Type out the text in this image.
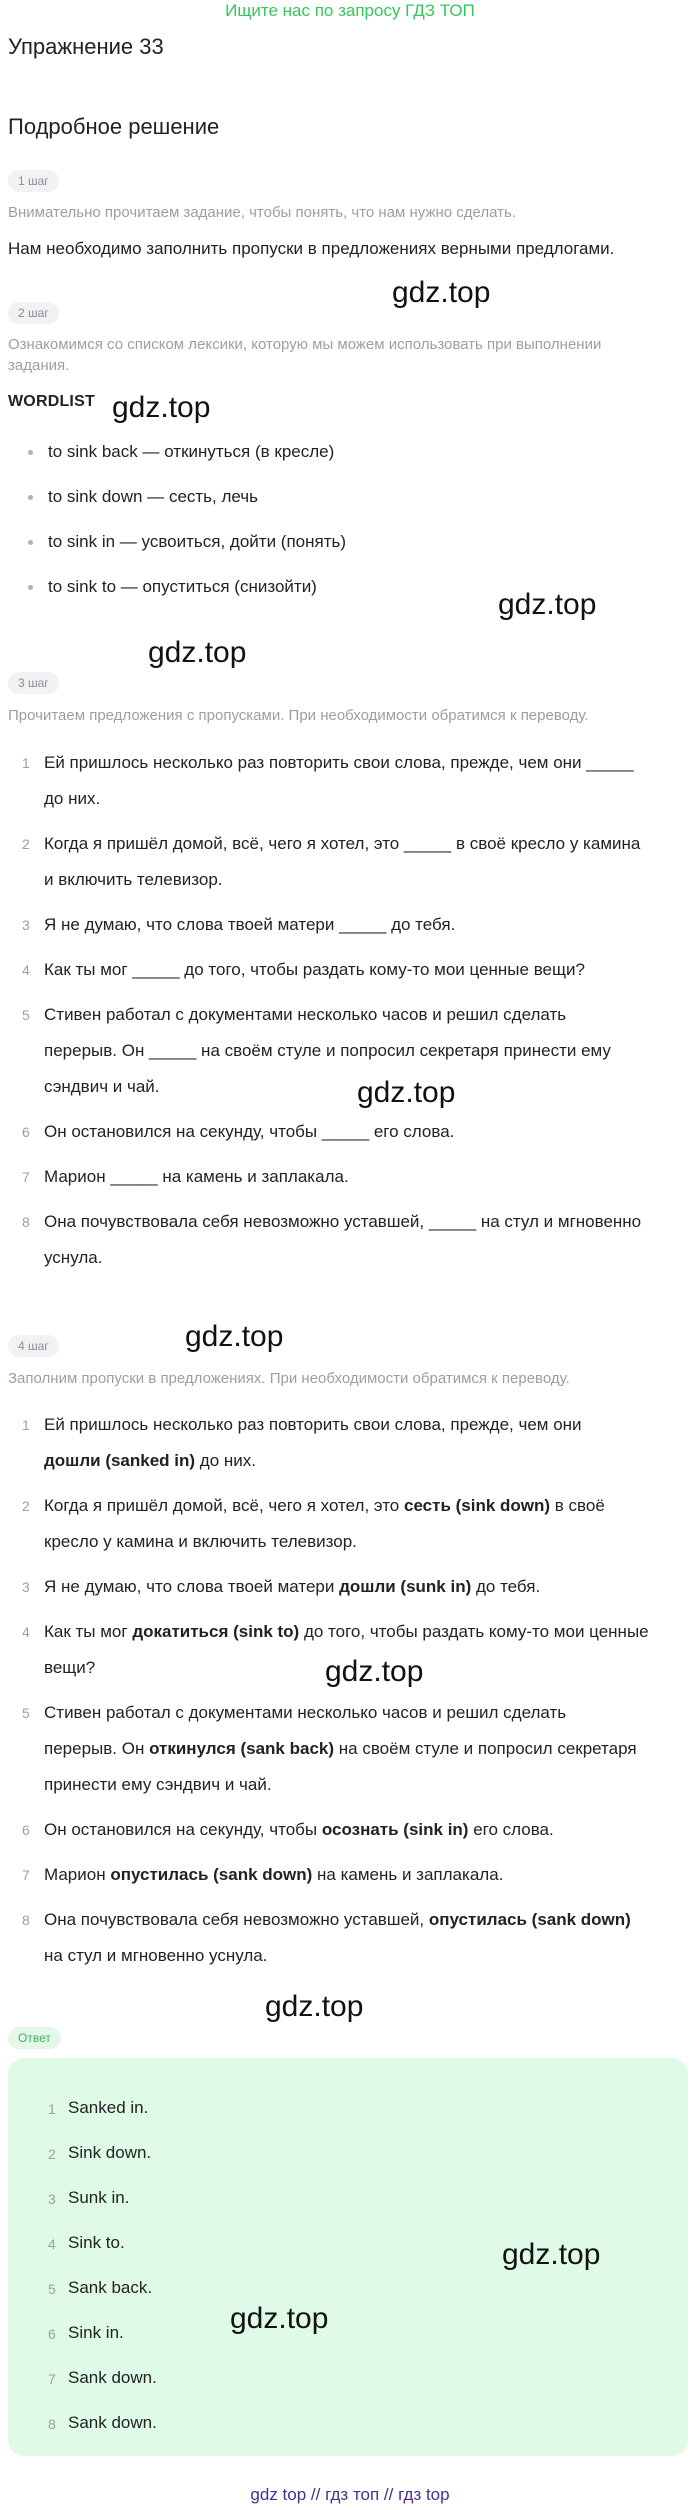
Ищите нас по запросу ГДЗ ТОП
Упражнение 33
Подробное решение
1 шаг
Внимательно прочитаем задание, чтобы понять, что нам нужно сделать.
Нам необходимо заполнить пропуски в предложениях верными предлогами.
2 шаг
Ознакомимся со списком лексики, которую мы можем использовать при выполнении
задания.
WORDLIST
to sink back — откинуться (в кресле)
to sink down — сесть, лечь
to sink in — усвоиться, дойти (понять)
to sink to — опуститься (снизойти)
3 шаг
Прочитаем предложения с пропусками. При необходимости обратимся к переводу.
1 Ей пришлось несколько раз повторить свои слова, прежде, чем они _____
до них.
2 Когда я пришёл домой, всё, чего я хотел, это _____ в своё кресло у камина
и включить телевизор.
3 Я не думаю, что слова твоей матери _____ до тебя.
4 Как ты мог _____ до того, чтобы раздать кому-то мои ценные вещи?
5 Стивен работал с документами несколько часов и решил сделать
перерыв. Он _____ на своём стуле и попросил секретаря принести ему
сэндвич и чай.
6 Он остановился на секунду, чтобы _____ его слова.
7 Марион _____ на камень и заплакала.
8 Она почувствовала себя невозможно уставшей, _____ на стул и мгновенно
уснула.
4 шаг
Заполним пропуски в предложениях. При необходимости обратимся к переводу.
1 Ей пришлось несколько раз повторить свои слова, прежде, чем они
дошли (sanked in) до них.
2 Когда я пришёл домой, всё, чего я хотел, это сесть (sink down) в своё
кресло у камина и включить телевизор.
3 Я не думаю, что слова твоей матери дошли (sunk in) до тебя.
4 Как ты мог докатиться (sink to) до того, чтобы раздать кому-то мои ценные
вещи?
5 Стивен работал с документами несколько часов и решил сделать
перерыв. Он откинулся (sank back) на своём стуле и попросил секретаря
принести ему сэндвич и чай.
6 Он остановился на секунду, чтобы осознать (sink in) его слова.
7 Марион опустилась (sank down) на камень и заплакала.
8 Она почувствовала себя невозможно уставшей, опустилась (sank down)
на стул и мгновенно уснула.
Ответ
1 Sanked in.
2 Sink down.
3 Sunk in.
4 Sink to.
5 Sank back.
6 Sink in.
7 Sank down.
8 Sank down.
gdz.top
gdz.top
gdz.top
gdz.top
gdz.top
gdz.top
gdz.top
gdz.top
gdz.top
gdz.top
gdz top // гдз топ // гдз top
